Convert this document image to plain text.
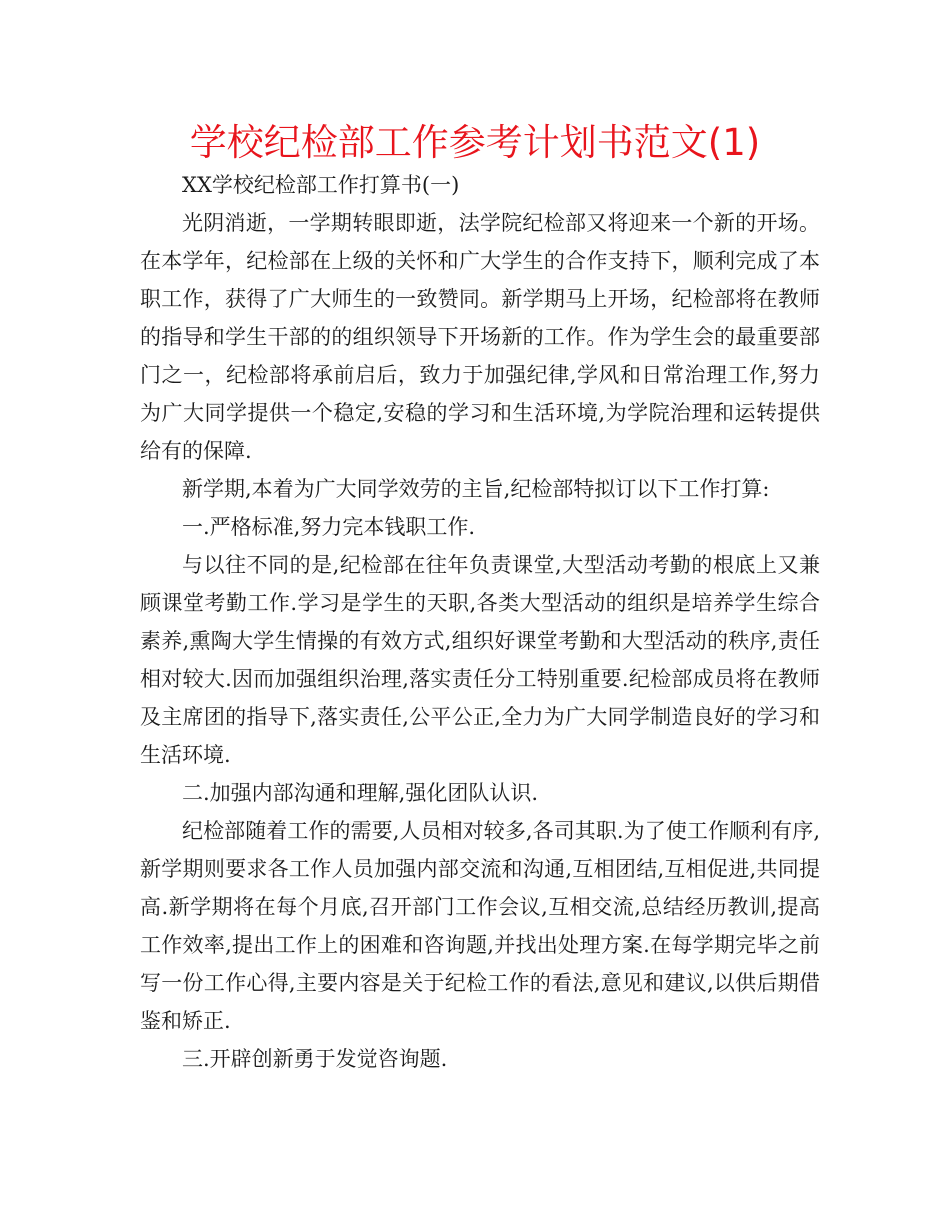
学校纪检部工作参考计划书范文(1)

XX学校纪检部工作打算书(一)

光阴消逝，一学期转眼即逝，法学院纪检部又将迎来一个新的开场。在本学年，纪检部在上级的关怀和广大学生的合作支持下，顺利完成了本职工作，获得了广大师生的一致赞同。新学期马上开场，纪检部将在教师的指导和学生干部的的组织领导下开场新的工作。作为学生会的最重要部门之一，纪检部将承前启后，致力于加强纪律,学风和日常治理工作,努力为广大同学提供一个稳定,安稳的学习和生活环境,为学院治理和运转提供给有的保障.

新学期,本着为广大同学效劳的主旨,纪检部特拟订以下工作打算:

一.严格标准,努力完本钱职工作.

与以往不同的是,纪检部在往年负责课堂,大型活动考勤的根底上又兼顾课堂考勤工作.学习是学生的天职,各类大型活动的组织是培养学生综合素养,熏陶大学生情操的有效方式,组织好课堂考勤和大型活动的秩序,责任相对较大.因而加强组织治理,落实责任分工特别重要.纪检部成员将在教师及主席团的指导下,落实责任,公平公正,全力为广大同学制造良好的学习和生活环境.

二.加强内部沟通和理解,强化团队认识.

纪检部随着工作的需要,人员相对较多,各司其职.为了使工作顺利有序,新学期则要求各工作人员加强内部交流和沟通,互相团结,互相促进,共同提高.新学期将在每个月底,召开部门工作会议,互相交流,总结经历教训,提高工作效率,提出工作上的困难和咨询题,并找出处理方案.在每学期完毕之前写一份工作心得,主要内容是关于纪检工作的看法,意见和建议,以供后期借鉴和矫正.

三.开辟创新勇于发觉咨询题.
